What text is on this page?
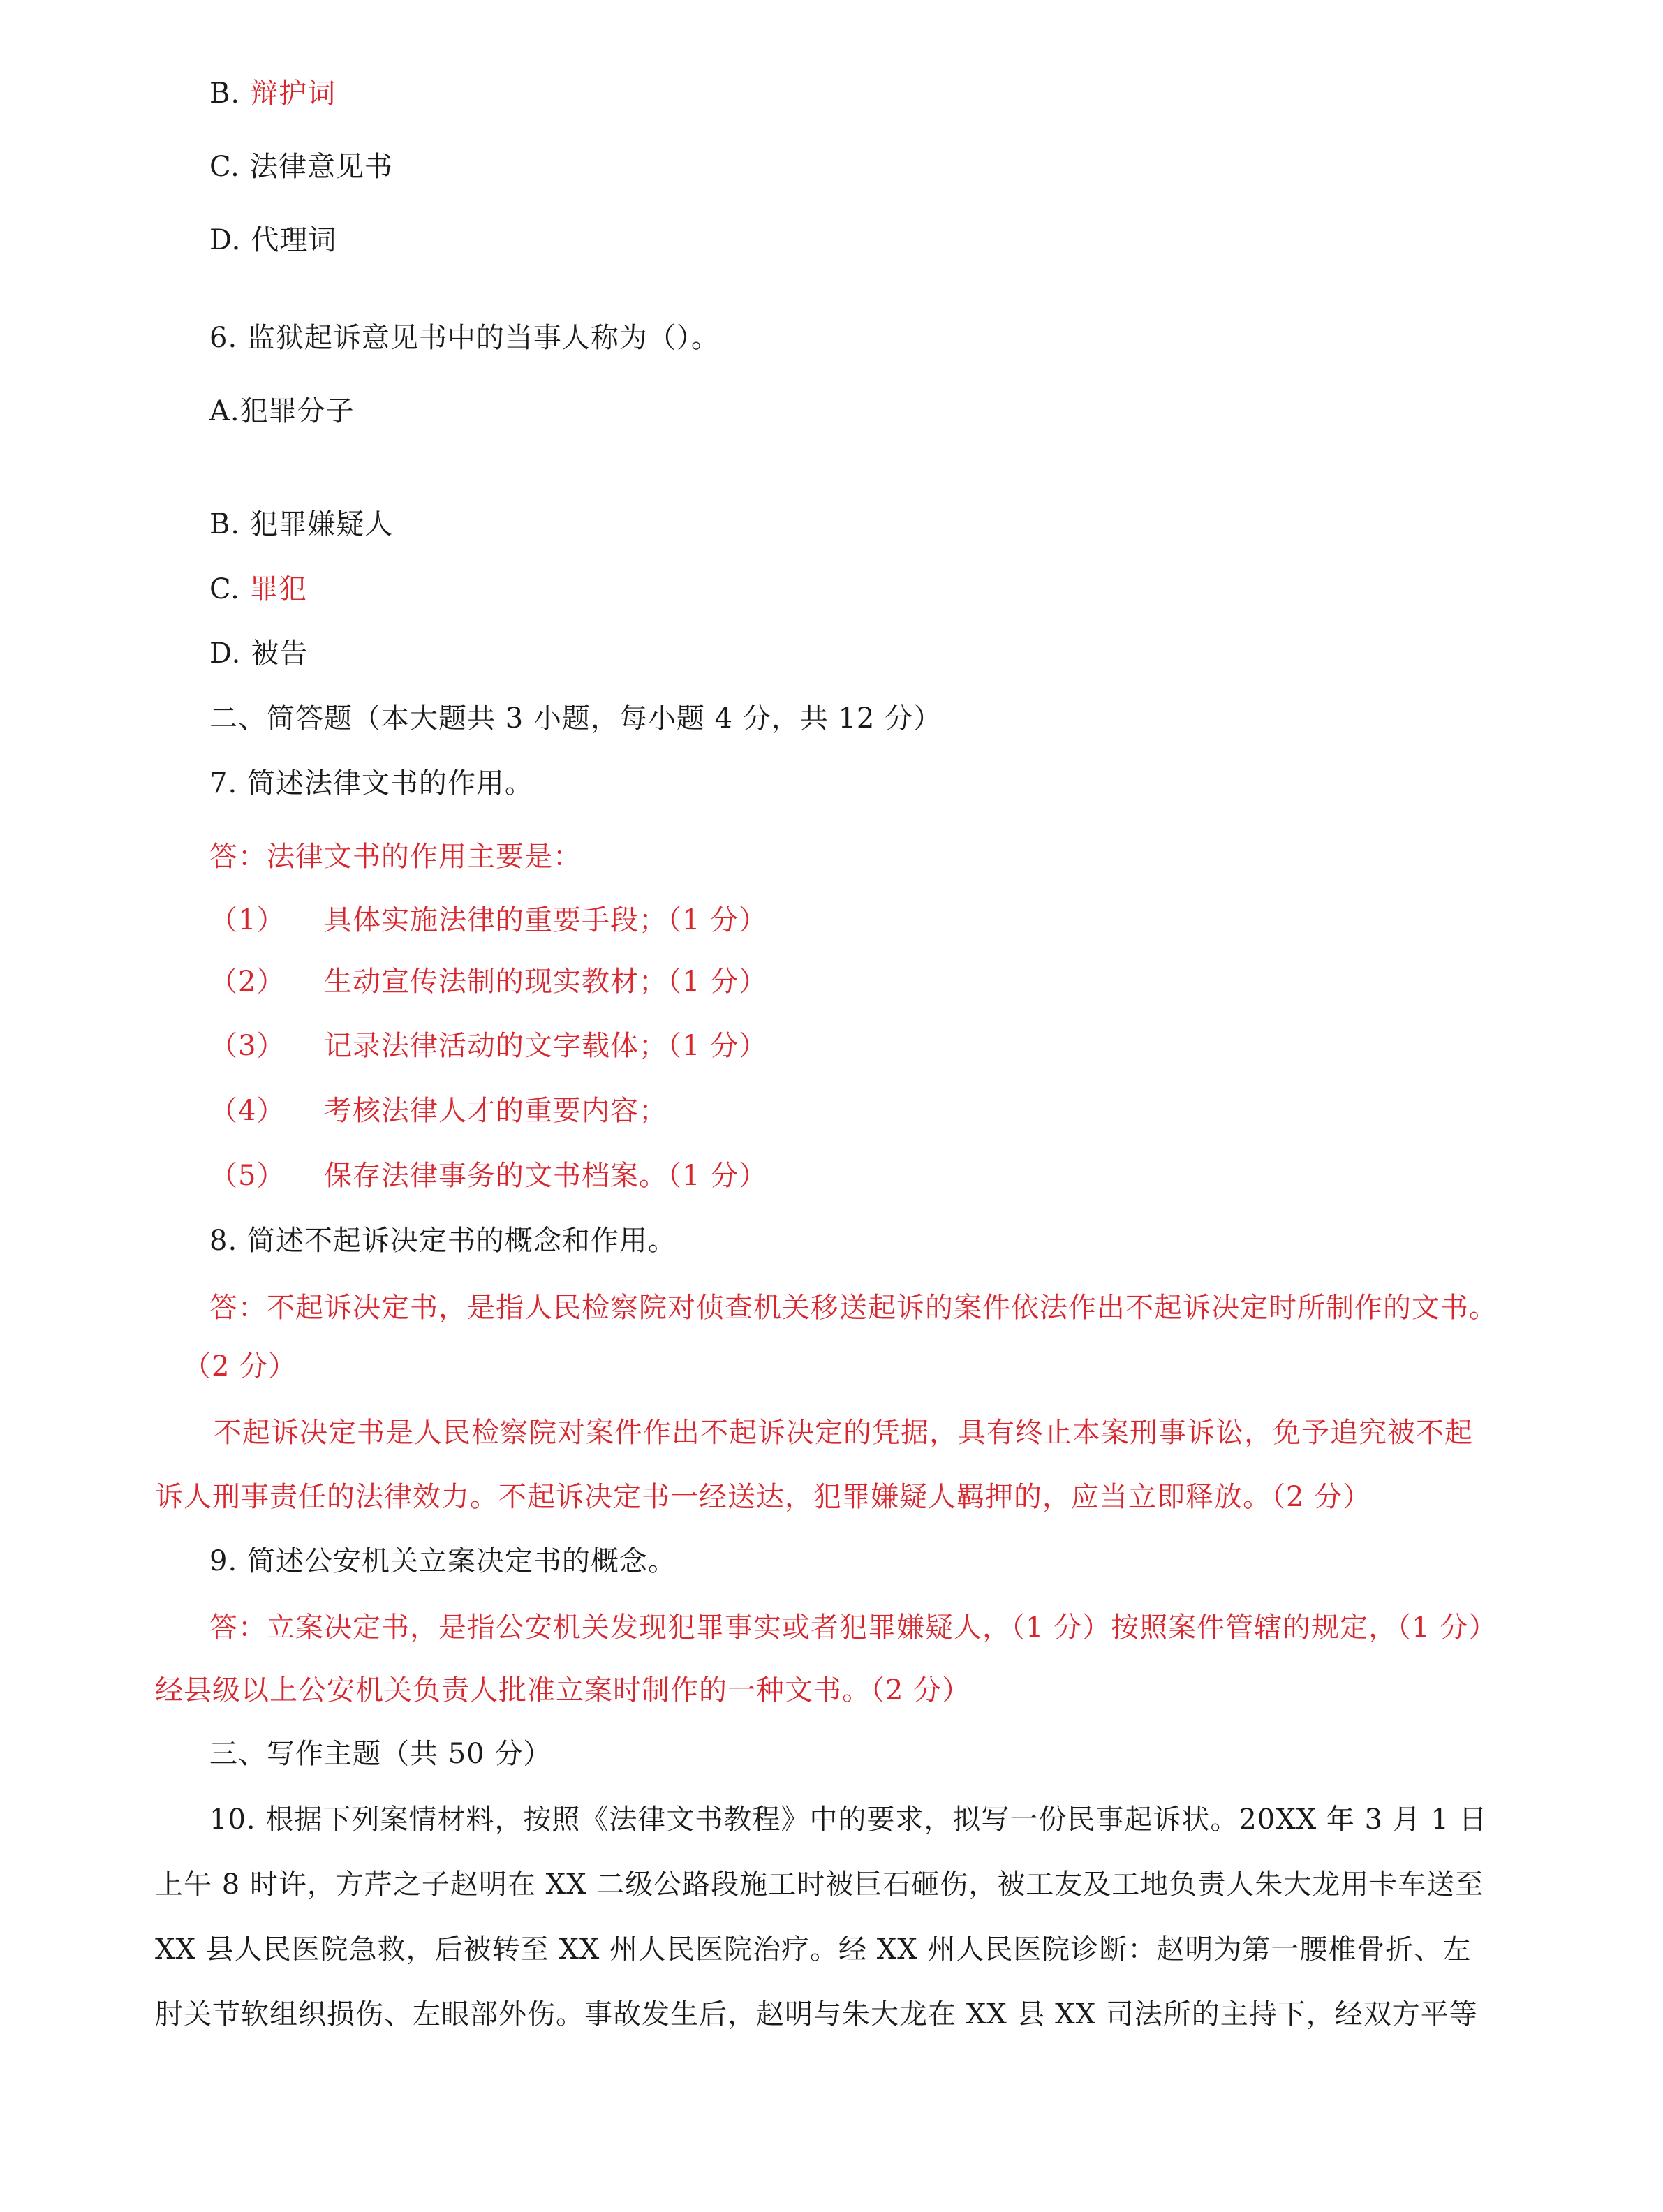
B. 辩护词
C. 法律意见书
D. 代理词
6. 监狱起诉意见书中的当事人称为（）。
A.犯罪分子
B. 犯罪嫌疑人
C. 罪犯
D. 被告
二、简答题（本大题共 3 小题，每小题 4 分，共 12 分）
7. 简述法律文书的作用。
答：法律文书的作用主要是：
（1） 具体实施法律的重要手段；（1 分）
（2） 生动宣传法制的现实教材；（1 分）
（3） 记录法律活动的文字载体；（1 分）
（4） 考核法律人才的重要内容；
（5） 保存法律事务的文书档案。（1 分）
8. 简述不起诉决定书的概念和作用。
答：不起诉决定书，是指人民检察院对侦查机关移送起诉的案件依法作出不起诉决定时所制作的文书。
（2 分）
不起诉决定书是人民检察院对案件作出不起诉决定的凭据，具有终止本案刑事诉讼，免予追究被不起
诉人刑事责任的法律效力。不起诉决定书一经送达，犯罪嫌疑人羁押的，应当立即释放。（2 分）
9. 简述公安机关立案决定书的概念。
答：立案决定书，是指公安机关发现犯罪事实或者犯罪嫌疑人，（1 分）按照案件管辖的规定，（1 分）
经县级以上公安机关负责人批准立案时制作的一种文书。（2 分）
三、写作主题（共 50 分）
10. 根据下列案情材料，按照《法律文书教程》中的要求，拟写一份民事起诉状。20XX 年 3 月 1 日
上午 8 时许，方芹之子赵明在 XX 二级公路段施工时被巨石砸伤，被工友及工地负责人朱大龙用卡车送至
XX 县人民医院急救，后被转至 XX 州人民医院治疗。经 XX 州人民医院诊断：赵明为第一腰椎骨折、左
肘关节软组织损伤、左眼部外伤。事故发生后，赵明与朱大龙在 XX 县 XX 司法所的主持下，经双方平等
